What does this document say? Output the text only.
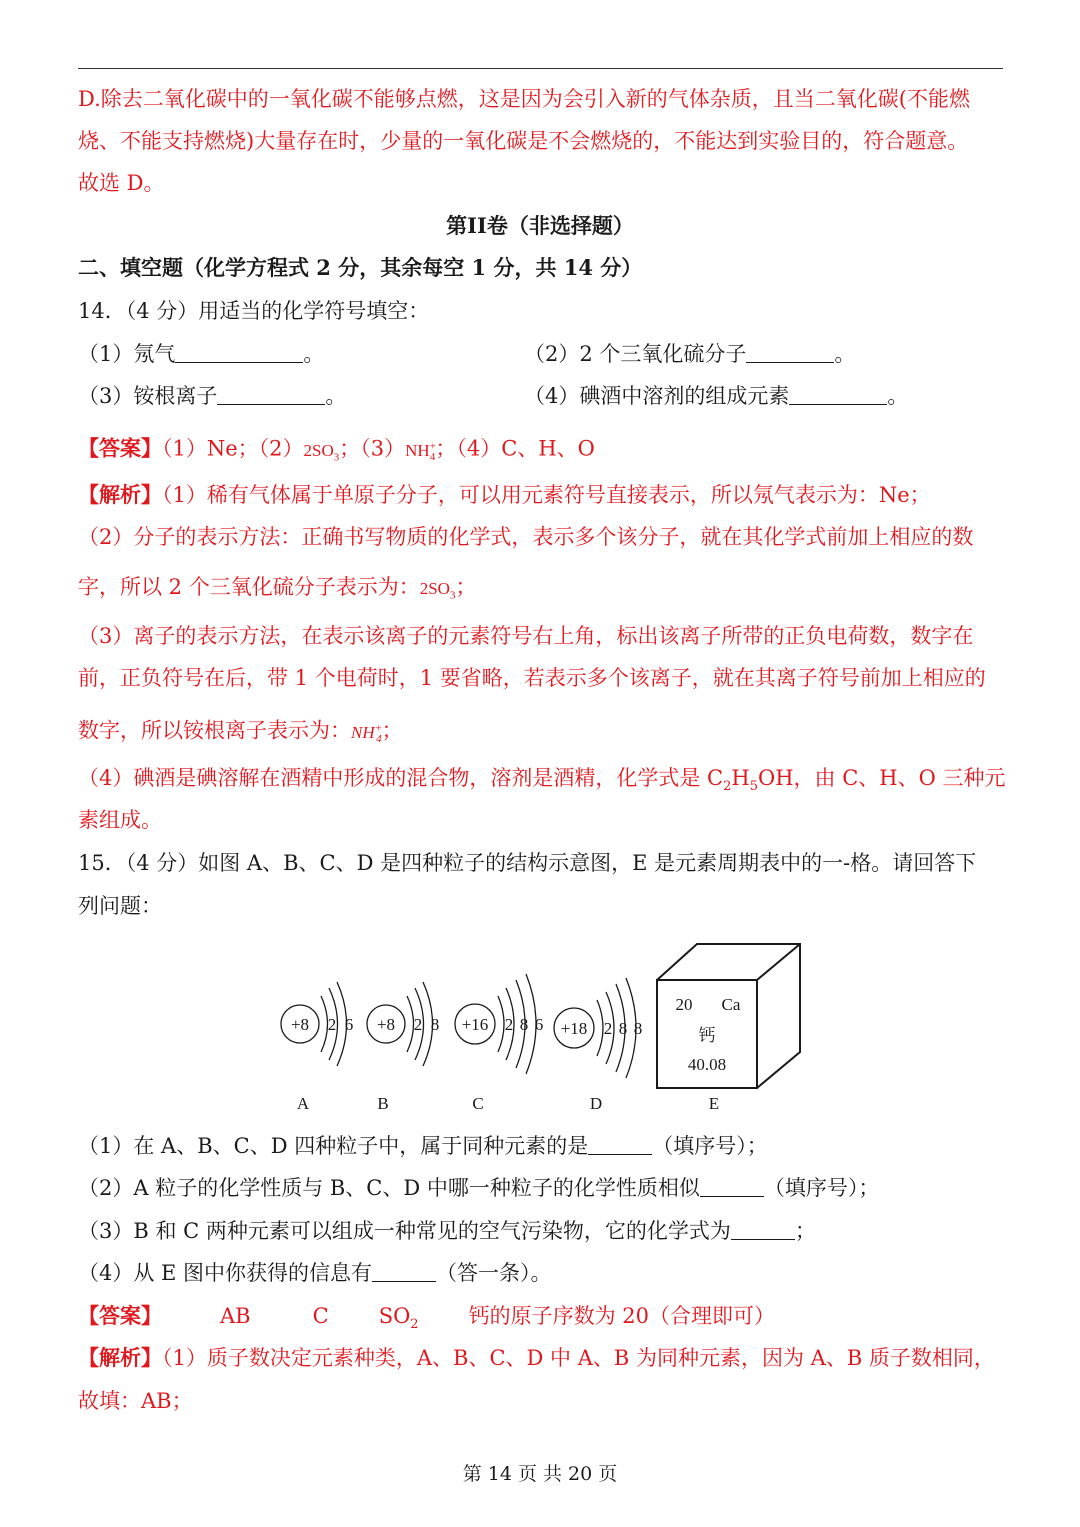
D.除去二氧化碳中的一氧化碳不能够点燃，这是因为会引入新的气体杂质，且当二氧化碳(不能燃
烧、不能支持燃烧)大量存在时，少量的一氧化碳是不会燃烧的，不能达到实验目的，符合题意。
故选 D。
第II卷（非选择题）
二、填空题（化学方程式 2 分，其余每空 1 分，共 14 分）
14．（4 分）用适当的化学符号填空：
（1）氖气	。	（2）2 个三氧化硫分子	。
（3）铵根离子	。	（4）碘酒中溶剂的组成元素	。
【答案】（1）Ne；$(2)2SO_3$；$(3)NH^+_4$；（4）C、H、O
【解析】（1）稀有气体属于单原子分子，可以用元素符号直接表示，所以氖气表示为：Ne；
（2）分子的表示方法：正确书写物质的化学式，表示多个该分子，就在其化学式前加上相应的数
字，所以 2 个三氧化硫分子表示为：$2SO_3$；
（3）离子的表示方法，在表示该离子的元素符号右上角，标出该离子所带的正负电荷数，数字在
前，正负符号在后，带 1 个电荷时，1 要省略，若表示多个该离子，就在其离子符号前加上相应的
数字，所以铵根离子表示为：$NH^+_4$；
（4）碘酒是碘溶解在酒精中形成的混合物，溶剂是酒精，化学式是 $C_2H_5OH$，由 C、H、O 三种元
素组成。
15．（4 分）如图 A、B、C、D 是四种粒子的结构示意图，E 是元素周期表中的一-格。请回答下
列问题：
+8 2 6 +8 2 8 +16 2 8 6 +18 2 8 8
20 Ca
钙
40.08
A	B	C	D	E
（1）在 A、B、C、D 四种粒子中，属于同种元素的是	（填序号）；
（2）A 粒子的化学性质与 B、C、D 中哪一种粒子的化学性质相似	（填序号）；
（3）B 和 C 两种元素可以组成一种常见的空气污染物，它的化学式为	；
（4）从 E 图中你获得的信息有	（答一条）。
【答案】	AB	C $SO_2$ 钙的原子序数为 20（合理即可）
【解析】（1）质子数决定元素种类，A、B、C、D 中 A、B 为同种元素，因为 A、B 质子数相同，
故填：AB；
第 14 页 共 20 页
